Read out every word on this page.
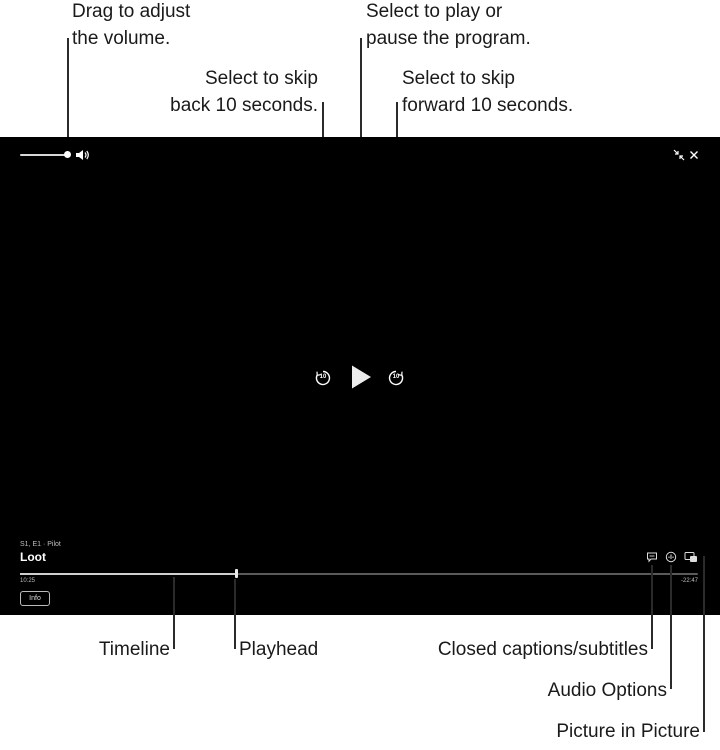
Drag to adjust
the volume.
Select to play or
pause the program.
Select to skip
back 10 seconds.
Select to skip
forward 10 seconds.
10	10
S1, E1 · Pilot
Loot
10:25	-22:47
Info
Timeline	Playhead	Closed captions/subtitles
Audio Options
Picture in Picture
